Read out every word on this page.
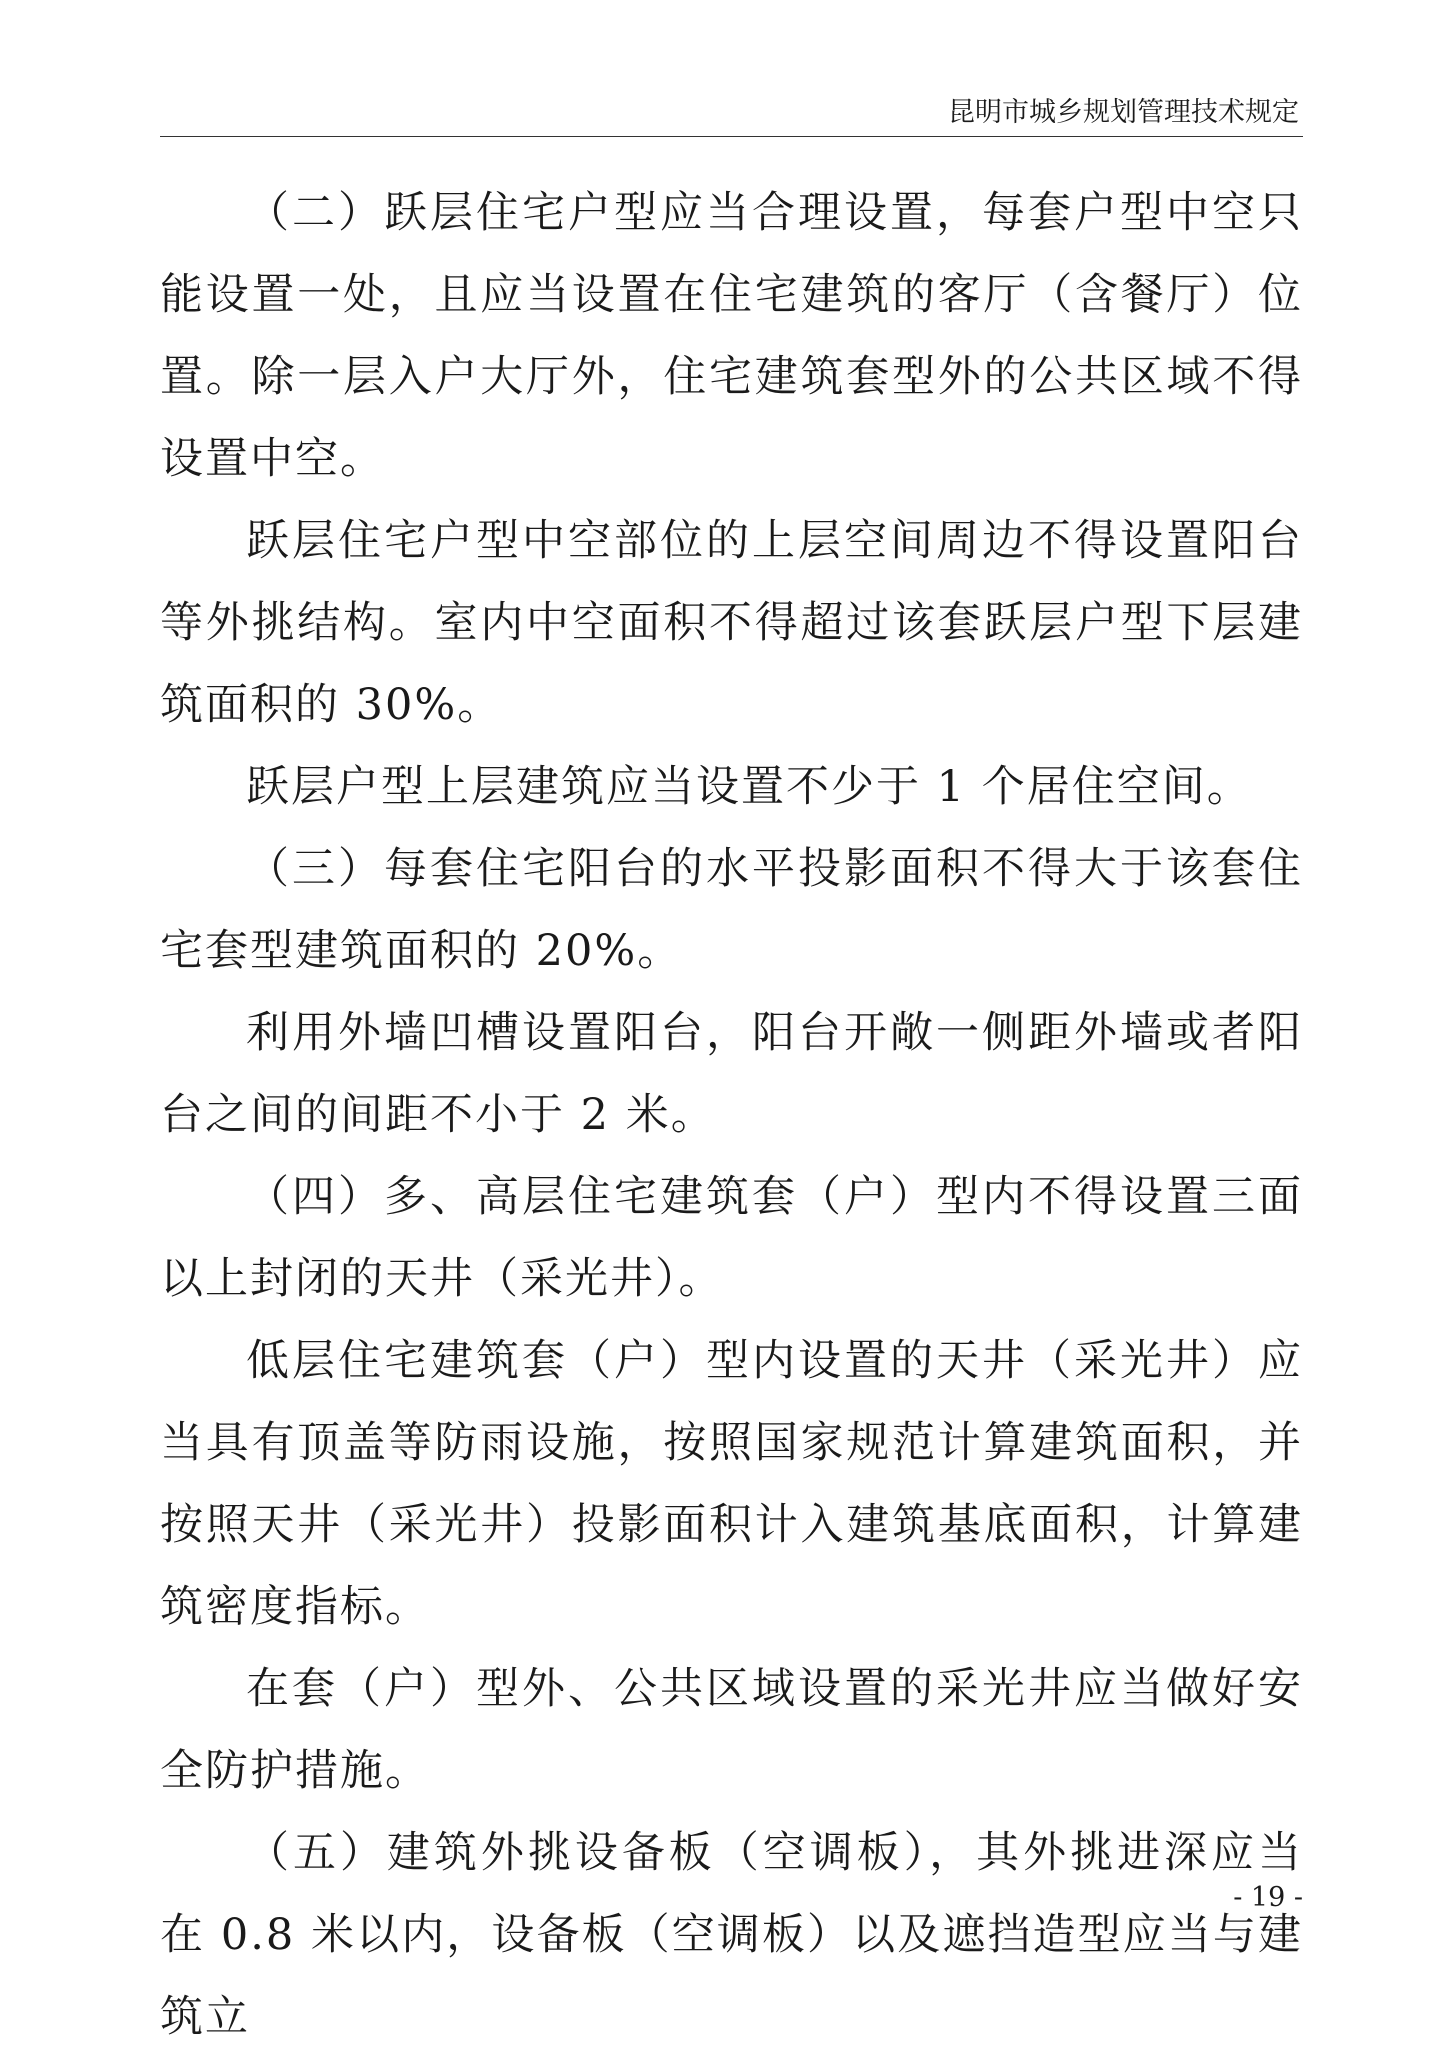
昆明市城乡规划管理技术规定

（二）跃层住宅户型应当合理设置，每套户型中空只能设置一处，且应当设置在住宅建筑的客厅（含餐厅）位置。除一层入户大厅外，住宅建筑套型外的公共区域不得设置中空。

跃层住宅户型中空部位的上层空间周边不得设置阳台等外挑结构。室内中空面积不得超过该套跃层户型下层建筑面积的 30%。

跃层户型上层建筑应当设置不少于 1 个居住空间。

（三）每套住宅阳台的水平投影面积不得大于该套住宅套型建筑面积的 20%。

利用外墙凹槽设置阳台，阳台开敞一侧距外墙或者阳台之间的间距不小于 2 米。

（四）多、高层住宅建筑套（户）型内不得设置三面以上封闭的天井（采光井）。

低层住宅建筑套（户）型内设置的天井（采光井）应当具有顶盖等防雨设施，按照国家规范计算建筑面积，并按照天井（采光井）投影面积计入建筑基底面积，计算建筑密度指标。

在套（户）型外、公共区域设置的采光井应当做好安全防护措施。

（五）建筑外挑设备板（空调板），其外挑进深应当在 0.8 米以内，设备板（空调板）以及遮挡造型应当与建筑立

- 19 -
